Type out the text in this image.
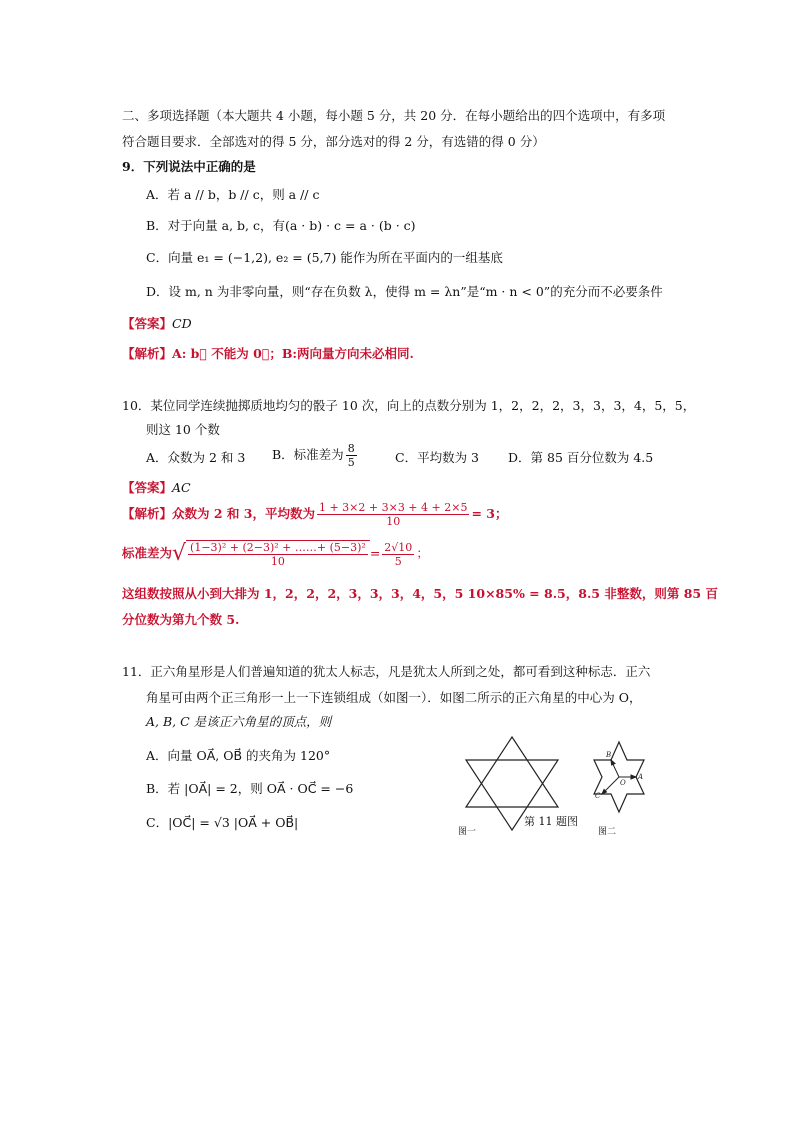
二、多项选择题（本大题共 4 小题，每小题 5 分，共 20 分．在每小题给出的四个选项中，有多项
符合题目要求．全部选对的得 5 分，部分选对的得 2 分，有选错的得 0 分）
9．下列说法中正确的是
A．若 a // b，b // c，则 a // c
B．对于向量 a, b, c，有(a · b) · c = a · (b · c)
C．向量 e₁ = (−1,2), e₂ = (5,7) 能作为所在平面内的一组基底
D．设 m, n 为非零向量，则“存在负数 λ，使得 m = λn”是“m · n < 0”的充分而不必要条件
【答案】CD
【解析】A: b⃗ 不能为 0⃗；B:两向量方向未必相同.
10．某位同学连续抛掷质地均匀的骰子 10 次，向上的点数分别为 1，2，2，2，3，3，3，4，5，5，
则这 10 个数
A．众数为 2 和 3 B．标准差为 $\frac{8}{5}$	C．平均数为 3 D．第 85 百分位数为 4.5
【答案】AC
【解析】众数为 2 和 3，平均数为 $\frac{1 + 3\times 2 + 3\times 3 + 4 + 2\times 5}{10} = 3$；
标准差为√ $\frac{\text{(1−3)² + (2−3)² + ……+ (5−3)²}}{10} = \frac{2√10}{5}$ ；
这组数按照从小到大排为 1，2，2，2，3，3，3，4，5，5 10×85% = 8.5，8.5 非整数，则第 85 百
分位数为第九个数 5.
11．正六角星形是人们普遍知道的犹太人标志，凡是犹太人所到之处，都可看到这种标志．正六
角星可由两个正三角形一上一下连锁组成（如图一）．如图二所示的正六角星的中心为 O，
A, B, C 是该正六角星的顶点，则
A．向量 OA⃗, OB⃗ 的夹角为 120°
B．若 |OA⃗| = 2，则 OA⃗ · OC⃗ = −6
C．|OC⃗| = √3 |OA⃗ + OB⃗|
A
B
C
O
图一
第 11 题图
图二
